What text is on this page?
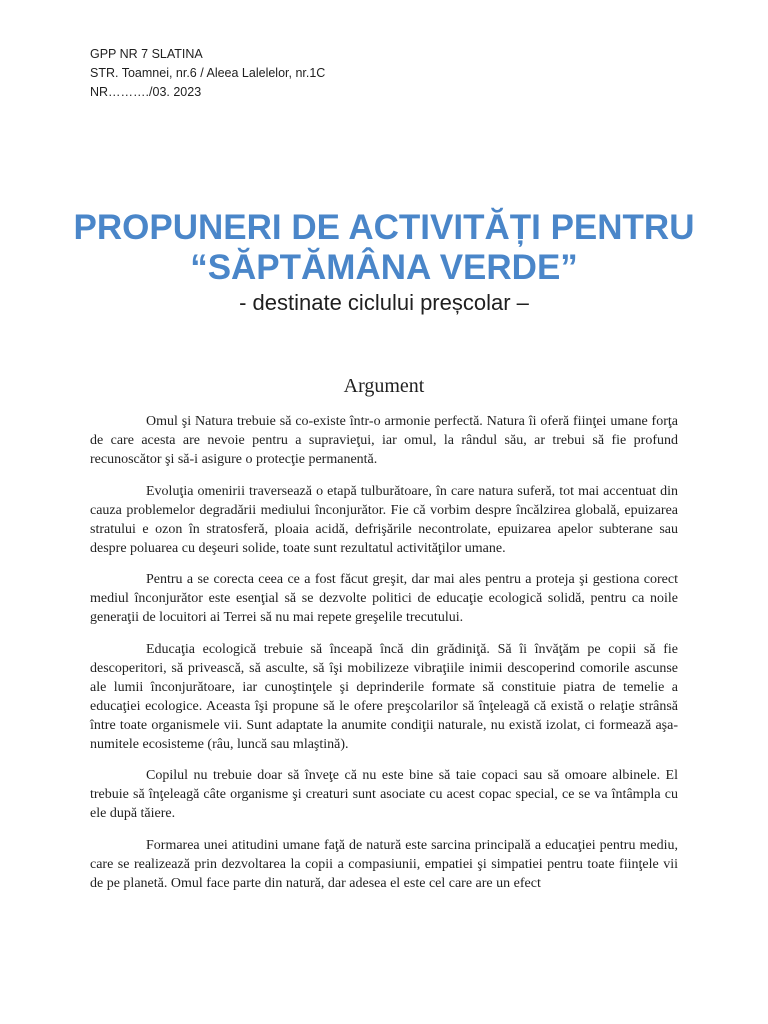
GPP NR 7 SLATINA
STR. Toamnei, nr.6 / Aleea Lalelelor, nr.1C
NR………./03. 2023
PROPUNERI DE ACTIVITĂȚI PENTRU
“SĂPTĂMÂNA VERDE”
- destinate ciclului preșcolar –
Argument

Omul şi Natura trebuie să co-existe într-o armonie perfectă. Natura îi oferă fiinţei umane forţa de care acesta are nevoie pentru a supravieţui, iar omul, la rândul său, ar trebui să fie profund recunoscător şi să-i asigure o protecţie permanentă.

Evoluţia omenirii traversează o etapă tulburătoare, în care natura suferă, tot mai accentuat din cauza problemelor degradării mediului înconjurător. Fie că vorbim despre încălzirea globală, epuizarea stratului e ozon în stratosferă, ploaia acidă, defrişările necontrolate, epuizarea apelor subterane sau despre poluarea cu deşeuri solide, toate sunt rezultatul activităţilor umane.

Pentru a se corecta ceea ce a fost făcut greşit, dar mai ales pentru a proteja şi gestiona corect mediul înconjurător este esenţial să se dezvolte politici de educaţie ecologică solidă, pentru ca noile generaţii de locuitori ai Terrei să nu mai repete greşelile trecutului.

Educaţia ecologică trebuie să înceapă încă din grădiniţă. Să îi învăţăm pe copii să fie descoperitori, să privească, să asculte, să îşi mobilizeze vibraţiile inimii descoperind comorile ascunse ale lumii înconjurătoare, iar cunoştinţele şi deprinderile formate să constituie piatra de temelie a educaţiei ecologice. Aceasta îşi propune să le ofere preşcolarilor să înţeleagă că există o relaţie strânsă între toate organismele vii. Sunt adaptate la anumite condiţii naturale, nu există izolat, ci formează aşa-numitele ecosisteme (râu, luncă sau mlaştină).

Copilul nu trebuie doar să înveţe că nu este bine să taie copaci sau să omoare albinele. El trebuie să înţeleagă câte organisme şi creaturi sunt asociate cu acest copac special, ce se va întâmpla cu ele după tăiere.

Formarea unei atitudini umane faţă de natură este sarcina principală a educaţiei pentru mediu, care se realizează prin dezvoltarea la copii a compasiunii, empatiei şi simpatiei pentru toate fiinţele vii de pe planetă. Omul face parte din natură, dar adesea el este cel care are un efect
